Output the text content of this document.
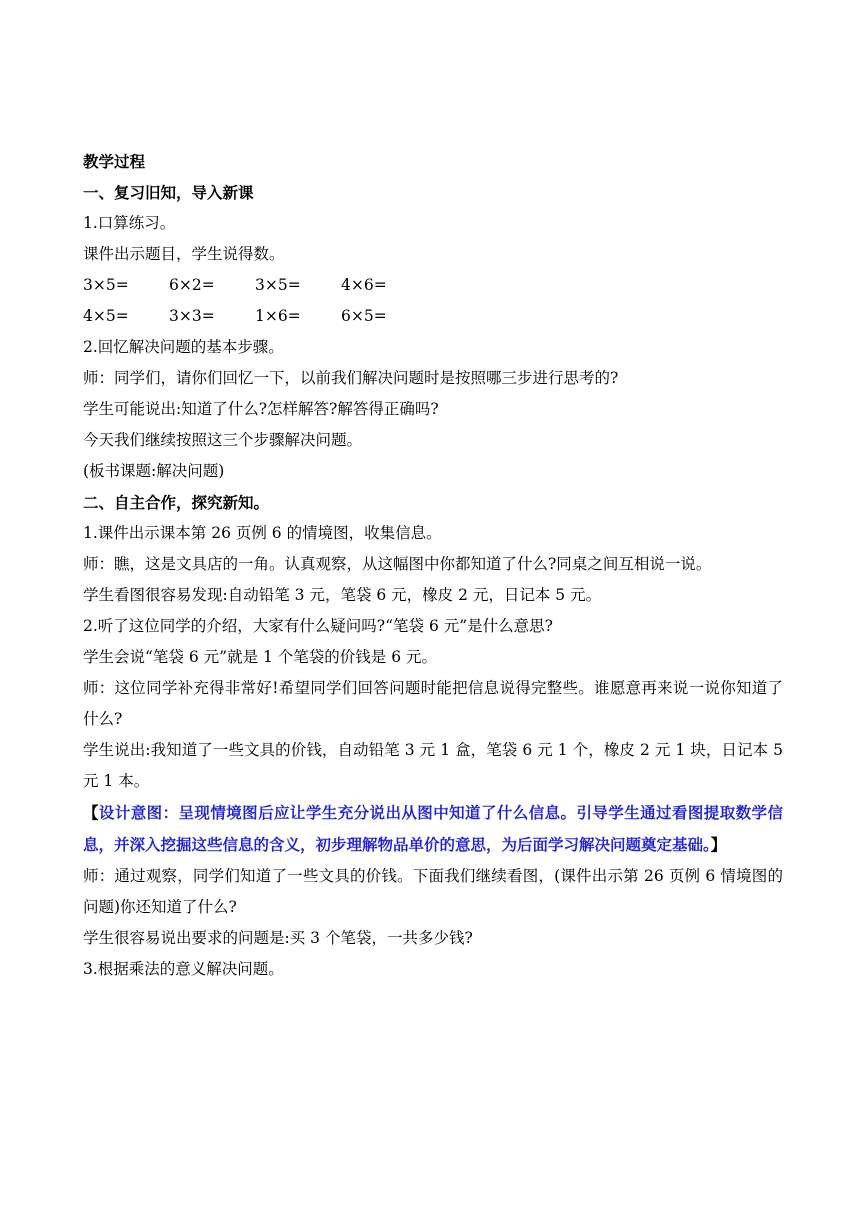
教学过程

一、复习旧知，导入新课

1.口算练习。

课件出示题目，学生说得数。

3×5=	6×2=	3×5=	4×6=
4×5=	3×3=	1×6=	6×5=

2.回忆解决问题的基本步骤。

师：同学们，请你们回忆一下，以前我们解决问题时是按照哪三步进行思考的?

学生可能说出:知道了什么?怎样解答?解答得正确吗?

今天我们继续按照这三个步骤解决问题。

(板书课题:解决问题)

二、自主合作，探究新知。

1.课件出示课本第 26 页例 6 的情境图，收集信息。

师：瞧，这是文具店的一角。认真观察，从这幅图中你都知道了什么?同桌之间互相说一说。

学生看图很容易发现:自动铅笔 3 元，笔袋 6 元，橡皮 2 元，日记本 5 元。

2.听了这位同学的介绍，大家有什么疑问吗?“笔袋 6 元”是什么意思?

学生会说“笔袋 6 元”就是 1 个笔袋的价钱是 6 元。

师：这位同学补充得非常好!希望同学们回答问题时能把信息说得完整些。谁愿意再来说一说你知道了什么?

学生说出:我知道了一些文具的价钱，自动铅笔 3 元 1 盒，笔袋 6 元 1 个，橡皮 2 元 1 块，日记本 5 元 1 本。

【设计意图：呈现情境图后应让学生充分说出从图中知道了什么信息。引导学生通过看图提取数学信息，并深入挖掘这些信息的含义，初步理解物品单价的意思，为后面学习解决问题奠定基础。】

师：通过观察，同学们知道了一些文具的价钱。下面我们继续看图，(课件出示第 26 页例 6 情境图的问题)你还知道了什么?

学生很容易说出要求的问题是:买 3 个笔袋，一共多少钱?

3.根据乘法的意义解决问题。
